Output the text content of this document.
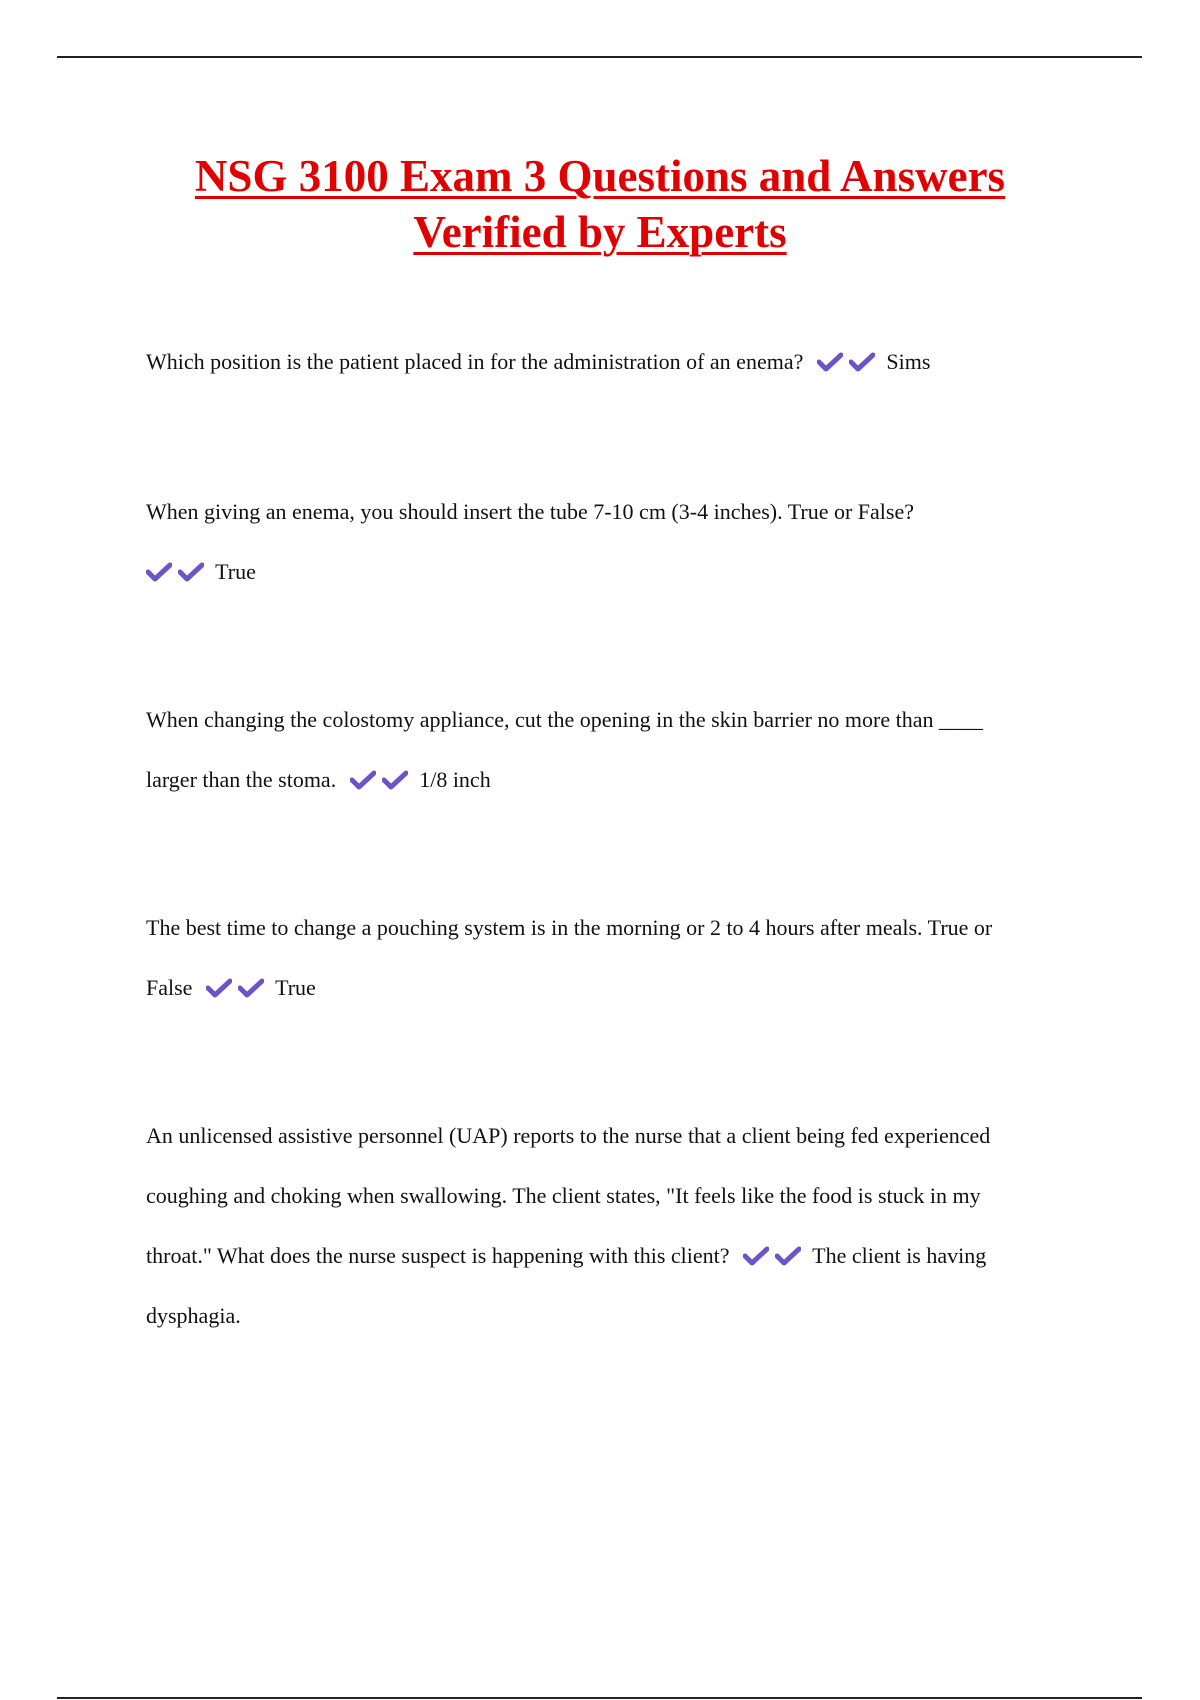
NSG 3100 Exam 3 Questions and Answers
Verified by Experts
Which position is the patient placed in for the administration of an enema?	Sims
When giving an enema, you should insert the tube 7-10 cm (3-4 inches). True or False?
True
When changing the colostomy appliance, cut the opening in the skin barrier no more than ____
larger than the stoma.	1/8 inch
The best time to change a pouching system is in the morning or 2 to 4 hours after meals. True or
False	True
An unlicensed assistive personnel (UAP) reports to the nurse that a client being fed experienced
coughing and choking when swallowing. The client states, "It feels like the food is stuck in my
throat." What does the nurse suspect is happening with this client?	The client is having
dysphagia.
